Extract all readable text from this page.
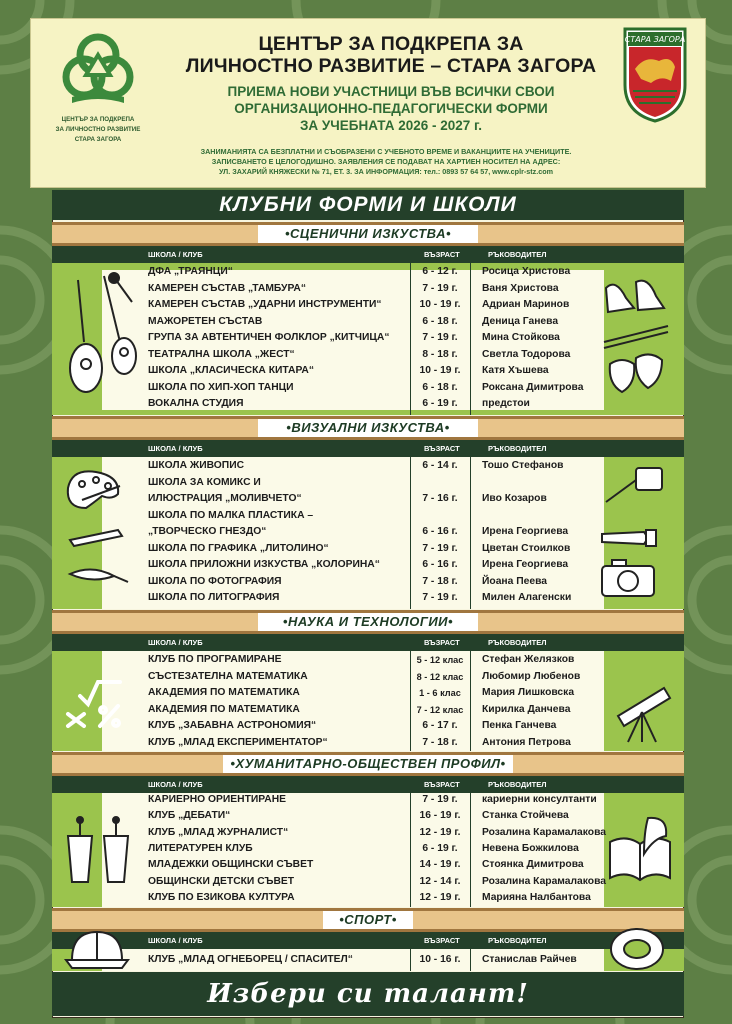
ЦЕНТЪР ЗА ПОДКРЕПА
ЗА ЛИЧНОСТНО РАЗВИТИЕ
СТАРА ЗАГОРА
ЦЕНТЪР ЗА ПОДКРЕПА ЗА
ЛИЧНОСТНО РАЗВИТИЕ – СТАРА ЗАГОРА
ПРИЕМА НОВИ УЧАСТНИЦИ ВЪВ ВСИЧКИ СВОИ
ОРГАНИЗАЦИОННО-ПЕДАГОГИЧЕСКИ ФОРМИ
ЗА УЧЕБНАТА 2026 - 2027 г.
ЗАНИМАНИЯТА СА БЕЗПЛАТНИ И СЪОБРАЗЕНИ С УЧЕБНОТО ВРЕМЕ И ВАКАНЦИИТЕ НА УЧЕНИЦИТЕ.
ЗАПИСВАНЕТО Е ЦЕЛОГОДИШНО. ЗАЯВЛЕНИЯ СЕ ПОДАВАТ НА ХАРТИЕН НОСИТЕЛ НА АДРЕС:
УЛ. ЗАХАРИЙ КНЯЖЕСКИ № 71, ЕТ. 3. ЗА ИНФОРМАЦИЯ: тел.: 0893 57 64 57, www.cplr-stz.com
СТАРА ЗАГОРА
КЛУБНИ ФОРМИ И ШКОЛИ
•СЦЕНИЧНИ ИЗКУСТВА•
ШКОЛА / КЛУБ	ВЪЗРАСТ	РЪКОВОДИТЕЛ
ДФА „ТРАЯНЦИ“	6 - 12 г.	Росица Христова
КАМЕРЕН СЪСТАВ „ТАМБУРА“	7 - 19 г.	Ваня Христова
КАМЕРЕН СЪСТАВ „УДАРНИ ИНСТРУМЕНТИ“	10 - 19 г.	Адриан Маринов
МАЖОРЕТЕН СЪСТАВ	6 - 18 г.	Деница Ганева
ГРУПА ЗА АВТЕНТИЧЕН ФОЛКЛОР „КИТЧИЦА“	7 - 19 г.	Мина Стойкова
ТЕАТРАЛНА ШКОЛА „ЖЕСТ“	8 - 18 г.	Светла Тодорова
ШКОЛА „КЛАСИЧЕСКА КИТАРА“	10 - 19 г.	Катя Хъшева
ШКОЛА ПО ХИП-ХОП ТАНЦИ	6 - 18 г.	Роксана Димитрова
ВОКАЛНА СТУДИЯ	6 - 19 г.	предстои
•ВИЗУАЛНИ ИЗКУСТВА•
ШКОЛА / КЛУБ	ВЪЗРАСТ	РЪКОВОДИТЕЛ
ШКОЛА ЖИВОПИС	6 - 14 г.	Тошо Стефанов
ШКОЛА ЗА КОМИКС И
ИЛЮСТРАЦИЯ „МОЛИВЧЕТО“	7 - 16 г.	Иво Козаров
ШКОЛА ПО МАЛКА ПЛАСТИКА –
„ТВОРЧЕСКО ГНЕЗДО“	6 - 16 г.	Ирена Георгиева
ШКОЛА ПО ГРАФИКА „ЛИТОЛИНО“	7 - 19 г.	Цветан Стоилков
ШКОЛА ПРИЛОЖНИ ИЗКУСТВА „КОЛОРИНА“	6 - 16 г.	Ирена Георгиева
ШКОЛА ПО ФОТОГРАФИЯ	7 - 18 г.	Йоана Пеева
ШКОЛА ПО ЛИТОГРАФИЯ	7 - 19 г.	Милен Алагенски
•НАУКА И ТЕХНОЛОГИИ•
ШКОЛА / КЛУБ	ВЪЗРАСТ	РЪКОВОДИТЕЛ
КЛУБ ПО ПРОГРАМИРАНЕ	5 - 12 клас	Стефан Желязков
СЪСТЕЗАТЕЛНА МАТЕМАТИКА	8 - 12 клас	Любомир Любенов
АКАДЕМИЯ ПО МАТЕМАТИКА	1 - 6 клас	Мария Лишковска
АКАДЕМИЯ ПО МАТЕМАТИКА	7 - 12 клас	Кирилка Данчева
КЛУБ „ЗАБАВНА АСТРОНОМИЯ“	6 - 17 г.	Пенка Ганчева
КЛУБ „МЛАД ЕКСПЕРИМЕНТАТОР“	7 - 18 г.	Антония Петрова
•ХУМАНИТАРНО-ОБЩЕСТВЕН ПРОФИЛ•
ШКОЛА / КЛУБ	ВЪЗРАСТ	РЪКОВОДИТЕЛ
КАРИЕРНО ОРИЕНТИРАНЕ	7 - 19 г.	кариерни консултанти
КЛУБ „ДЕБАТИ“	16 - 19 г.	Станка Стойчева
КЛУБ „МЛАД ЖУРНАЛИСТ“	12 - 19 г.	Розалина Карамалакова
ЛИТЕРАТУРЕН КЛУБ	6 - 19 г.	Невена Божкилова
МЛАДЕЖКИ ОБЩИНСКИ СЪВЕТ	14 - 19 г.	Стоянка Димитрова
ОБЩИНСКИ ДЕТСКИ СЪВЕТ	12 - 14 г.	Розалина Карамалакова
КЛУБ ПО ЕЗИКОВА КУЛТУРА	12 - 19 г.	Марияна Налбантова
•СПОРТ•
ШКОЛА / КЛУБ	ВЪЗРАСТ	РЪКОВОДИТЕЛ
КЛУБ „МЛАД ОГНЕБОРЕЦ / СПАСИТЕЛ“	10 - 16 г.	Станислав Райчев
Избери си талант!
